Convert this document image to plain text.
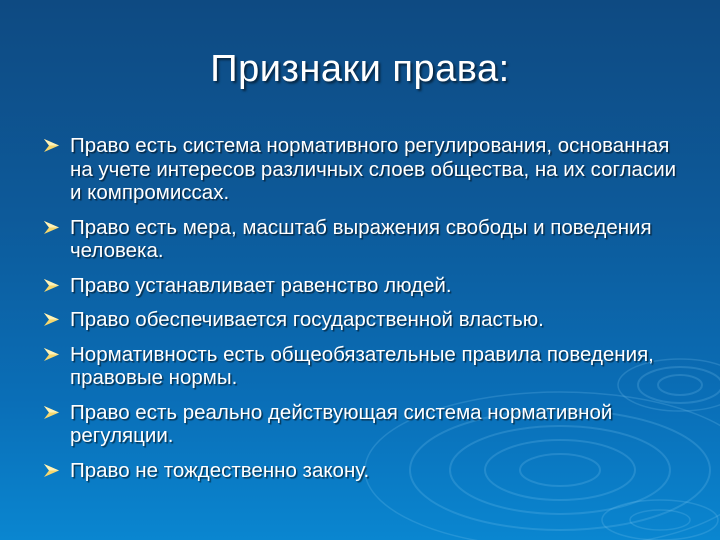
Признаки права:
Право есть система нормативного регулирования, основанная на учете интересов различных слоев общества, на их согласии и компромиссах.
Право есть мера, масштаб выражения свободы и поведения человека.
Право устанавливает равенство людей.
Право обеспечивается государственной властью.
Нормативность есть общеобязательные правила поведения, правовые нормы.
Право есть реально действующая система нормативной регуляции.
Право не тождественно закону.
